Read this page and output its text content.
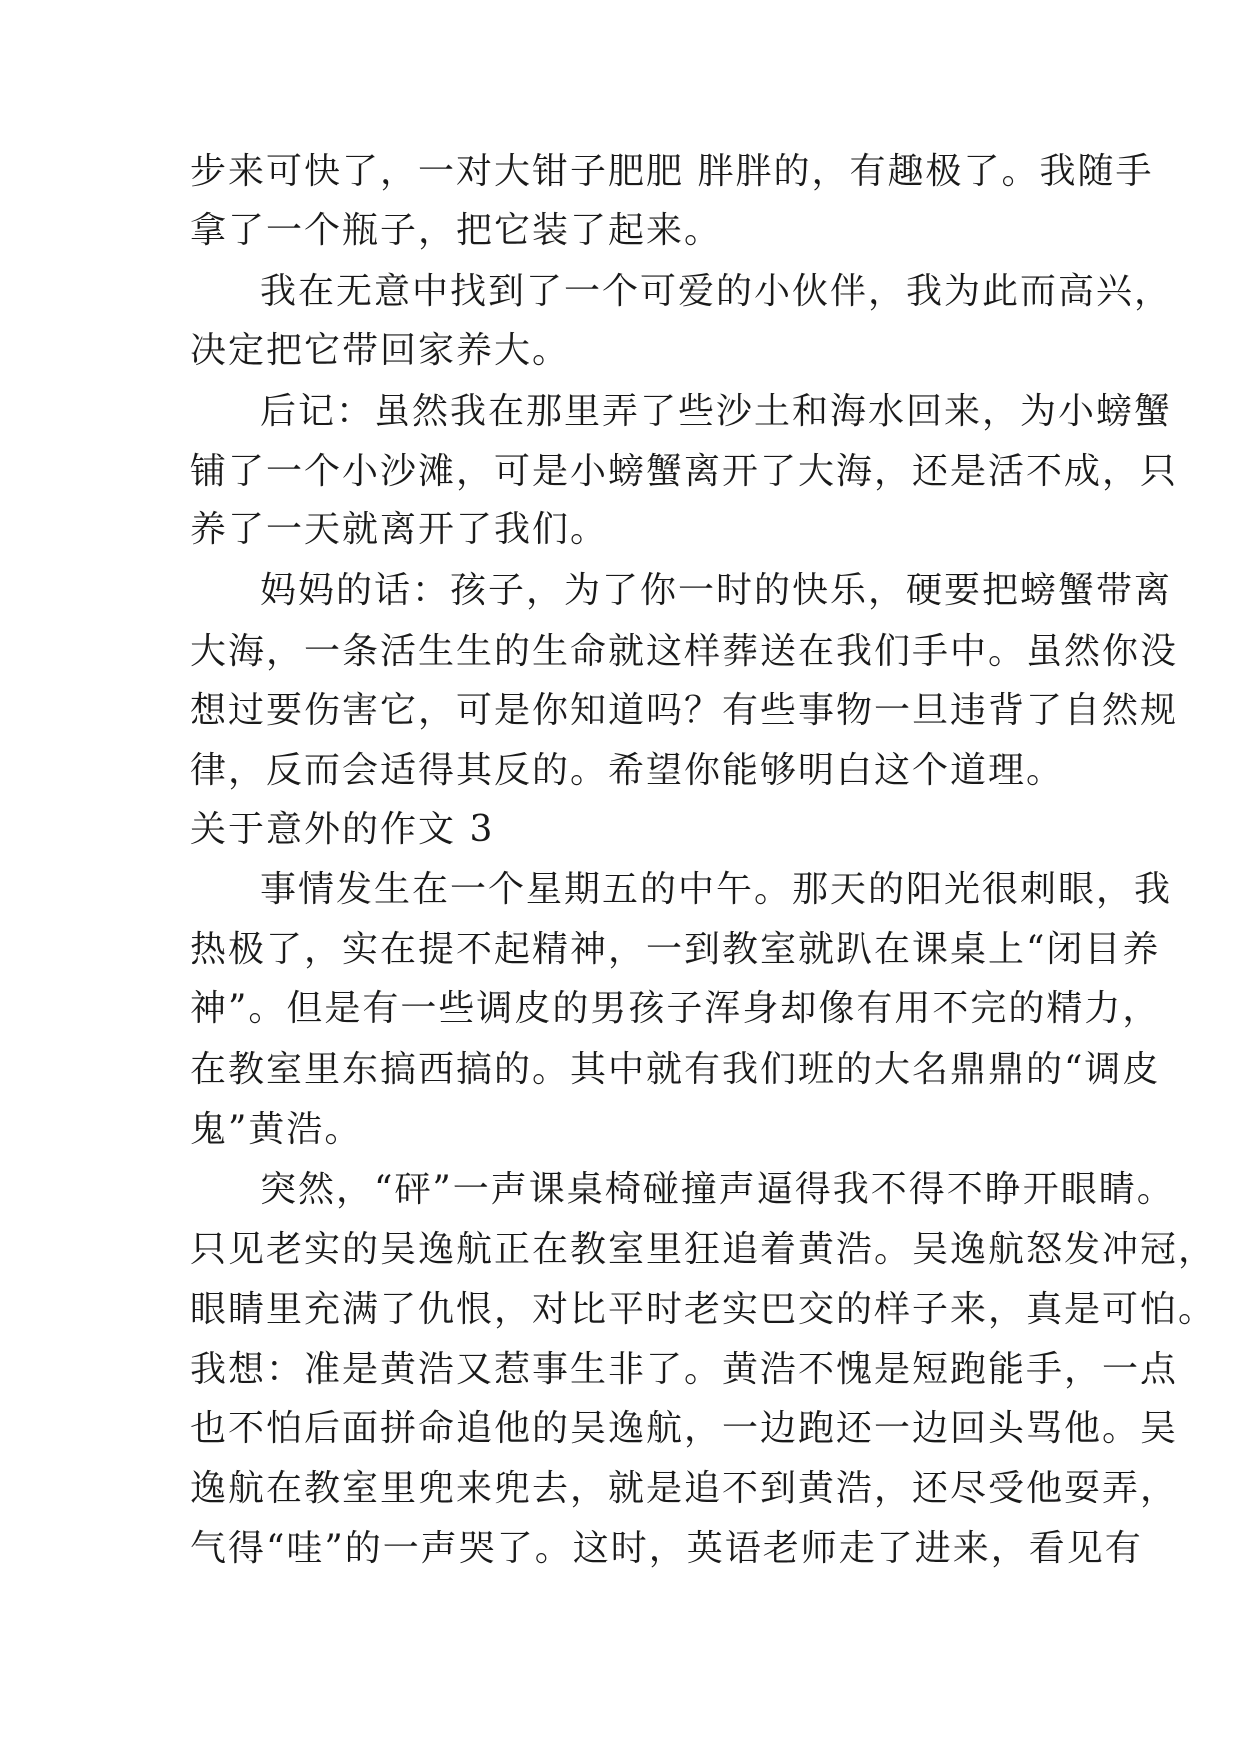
步来可快了，一对大钳子肥肥 胖胖的，有趣极了。我随手
拿了一个瓶子，把它装了起来。
我在无意中找到了一个可爱的小伙伴，我为此而高兴，
决定把它带回家养大。
后记：虽然我在那里弄了些沙土和海水回来，为小螃蟹
铺了一个小沙滩，可是小螃蟹离开了大海，还是活不成，只
养了一天就离开了我们。
妈妈的话：孩子，为了你一时的快乐，硬要把螃蟹带离
大海，一条活生生的生命就这样葬送在我们手中。虽然你没
想过要伤害它，可是你知道吗？有些事物一旦违背了自然规
律，反而会适得其反的。希望你能够明白这个道理。
关于意外的作文 3
事情发生在一个星期五的中午。那天的阳光很刺眼，我
热极了，实在提不起精神，一到教室就趴在课桌上“闭目养
神”。但是有一些调皮的男孩子浑身却像有用不完的精力，
在教室里东搞西搞的。其中就有我们班的大名鼎鼎的“调皮
鬼”黄浩。
突然，“砰”一声课桌椅碰撞声逼得我不得不睁开眼睛。
只见老实的吴逸航正在教室里狂追着黄浩。吴逸航怒发冲冠，
眼睛里充满了仇恨，对比平时老实巴交的样子来，真是可怕。
我想：准是黄浩又惹事生非了。黄浩不愧是短跑能手，一点
也不怕后面拼命追他的吴逸航，一边跑还一边回头骂他。吴
逸航在教室里兜来兜去，就是追不到黄浩，还尽受他耍弄，
气得“哇”的一声哭了。这时，英语老师走了进来，看见有
